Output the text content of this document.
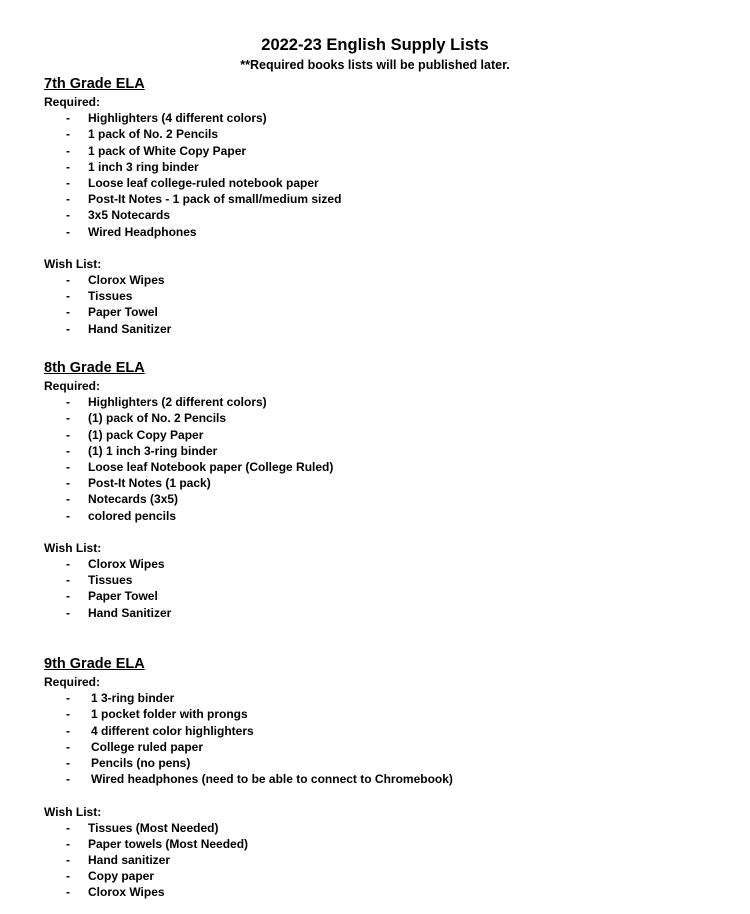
2022-23 English Supply Lists
**Required books lists will be published later.
7th Grade ELA
Required:
- Highlighters (4 different colors)
- 1 pack of No. 2 Pencils
- 1 pack of White Copy Paper
- 1 inch 3 ring binder
- Loose leaf college-ruled notebook paper
- Post-It Notes - 1 pack of small/medium sized
- 3x5 Notecards
- Wired Headphones
Wish List:
- Clorox Wipes
- Tissues
- Paper Towel
- Hand Sanitizer
8th Grade ELA
Required:
- Highlighters (2 different colors)
- (1) pack of No. 2 Pencils
- (1) pack Copy Paper
- (1) 1 inch 3-ring binder
- Loose leaf Notebook paper (College Ruled)
- Post-It Notes (1 pack)
- Notecards (3x5)
- colored pencils
Wish List:
- Clorox Wipes
- Tissues
- Paper Towel
- Hand Sanitizer
9th Grade ELA
Required:
- 1 3-ring binder
- 1 pocket folder with prongs
- 4 different color highlighters
- College ruled paper
- Pencils (no pens)
- Wired headphones (need to be able to connect to Chromebook)
Wish List:
- Tissues (Most Needed)
- Paper towels (Most Needed)
- Hand sanitizer
- Copy paper
- Clorox Wipes
